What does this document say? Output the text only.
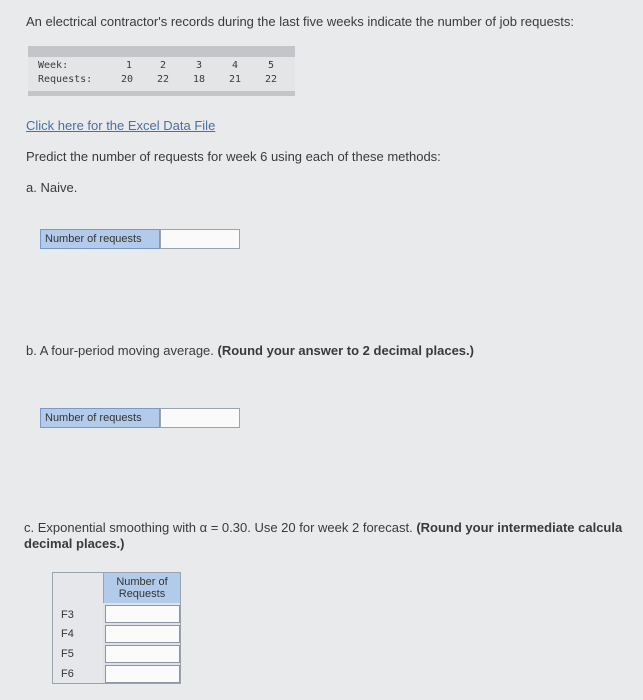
An electrical contractor's records during the last five weeks indicate the number of job requests:
Week:	1	2	3	4	5
Requests:	20 22 18 21 22
Click here for the Excel Data File
Predict the number of requests for week 6 using each of these methods:
a. Naive.
Number of requests
b. A four-period moving average. (Round your answer to 2 decimal places.)
Number of requests
c. Exponential smoothing with α = 0.30. Use 20 for week 2 forecast. (Round your intermediate calcula
decimal places.)
Number of Requests
F3
F4
F5
F6
